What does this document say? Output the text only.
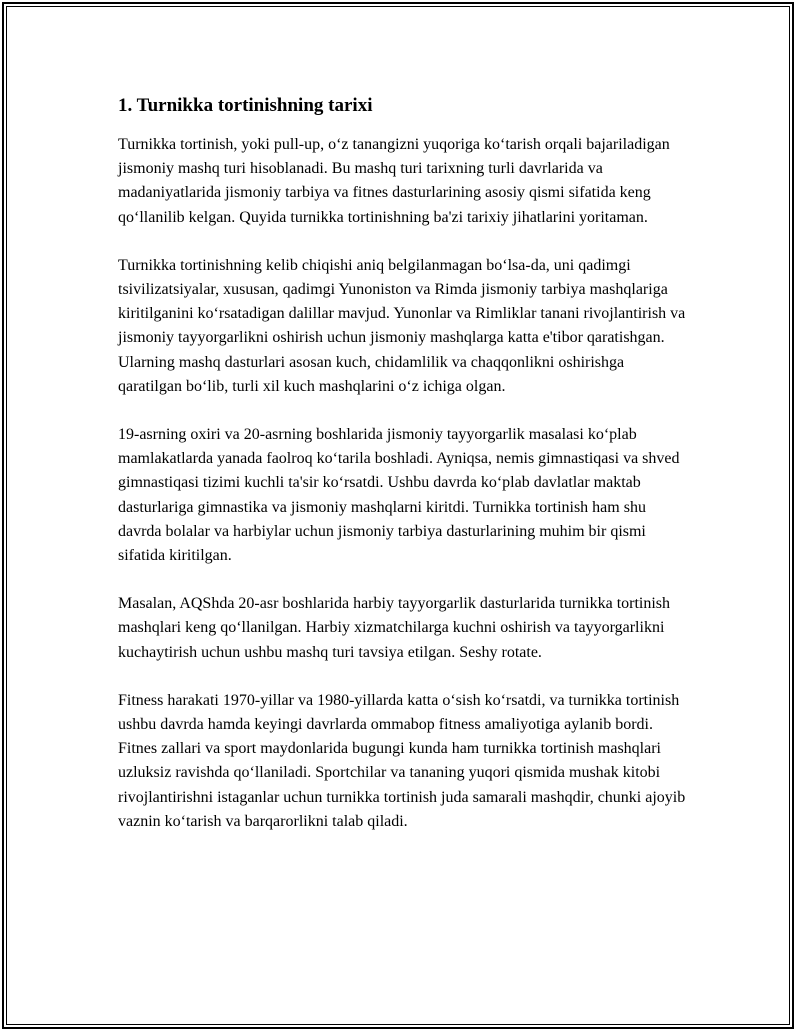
1. Turnikka tortinishning tarixi

Turnikka tortinish, yoki pull-up, o‘z tanangizni yuqoriga ko‘tarish orqali bajariladigan jismoniy mashq turi hisoblanadi. Bu mashq turi tarixning turli davrlarida va madaniyatlarida jismoniy tarbiya va fitnes dasturlarining asosiy qismi sifatida keng qo‘llanilib kelgan. Quyida turnikka tortinishning ba'zi tarixiy jihatlarini yoritaman.

Turnikka tortinishning kelib chiqishi aniq belgilanmagan bo‘lsa-da, uni qadimgi tsivilizatsiyalar, xususan, qadimgi Yunoniston va Rimda jismoniy tarbiya mashqlariga kiritilganini ko‘rsatadigan dalillar mavjud. Yunonlar va Rimliklar tanani rivojlantirish va jismoniy tayyorgarlikni oshirish uchun jismoniy mashqlarga katta e'tibor qaratishgan. Ularning mashq dasturlari asosan kuch, chidamlilik va chaqqonlikni oshirishga qaratilgan bo‘lib, turli xil kuch mashqlarini o‘z ichiga olgan.

19-asrning oxiri va 20-asrning boshlarida jismoniy tayyorgarlik masalasi ko‘plab mamlakatlarda yanada faolroq ko‘tarila boshladi. Ayniqsa, nemis gimnastiqasi va shved gimnastiqasi tizimi kuchli ta'sir ko‘rsatdi. Ushbu davrda ko‘plab davlatlar maktab dasturlariga gimnastika va jismoniy mashqlarni kiritdi. Turnikka tortinish ham shu davrda bolalar va harbiylar uchun jismoniy tarbiya dasturlarining muhim bir qismi sifatida kiritilgan.

Masalan, AQShda 20-asr boshlarida harbiy tayyorgarlik dasturlarida turnikka tortinish mashqlari keng qo‘llanilgan. Harbiy xizmatchilarga kuchni oshirish va tayyorgarlikni kuchaytirish uchun ushbu mashq turi tavsiya etilgan. Seshy rotate.

Fitness harakati 1970-yillar va 1980-yillarda katta o‘sish ko‘rsatdi, va turnikka tortinish ushbu davrda hamda keyingi davrlarda ommabop fitness amaliyotiga aylanib bordi. Fitnes zallari va sport maydonlarida bugungi kunda ham turnikka tortinish mashqlari uzluksiz ravishda qo‘llaniladi. Sportchilar va tananing yuqori qismida mushak kitobi rivojlantirishni istaganlar uchun turnikka tortinish juda samarali mashqdir, chunki ajoyib vaznin ko‘tarish va barqarorlikni talab qiladi.
